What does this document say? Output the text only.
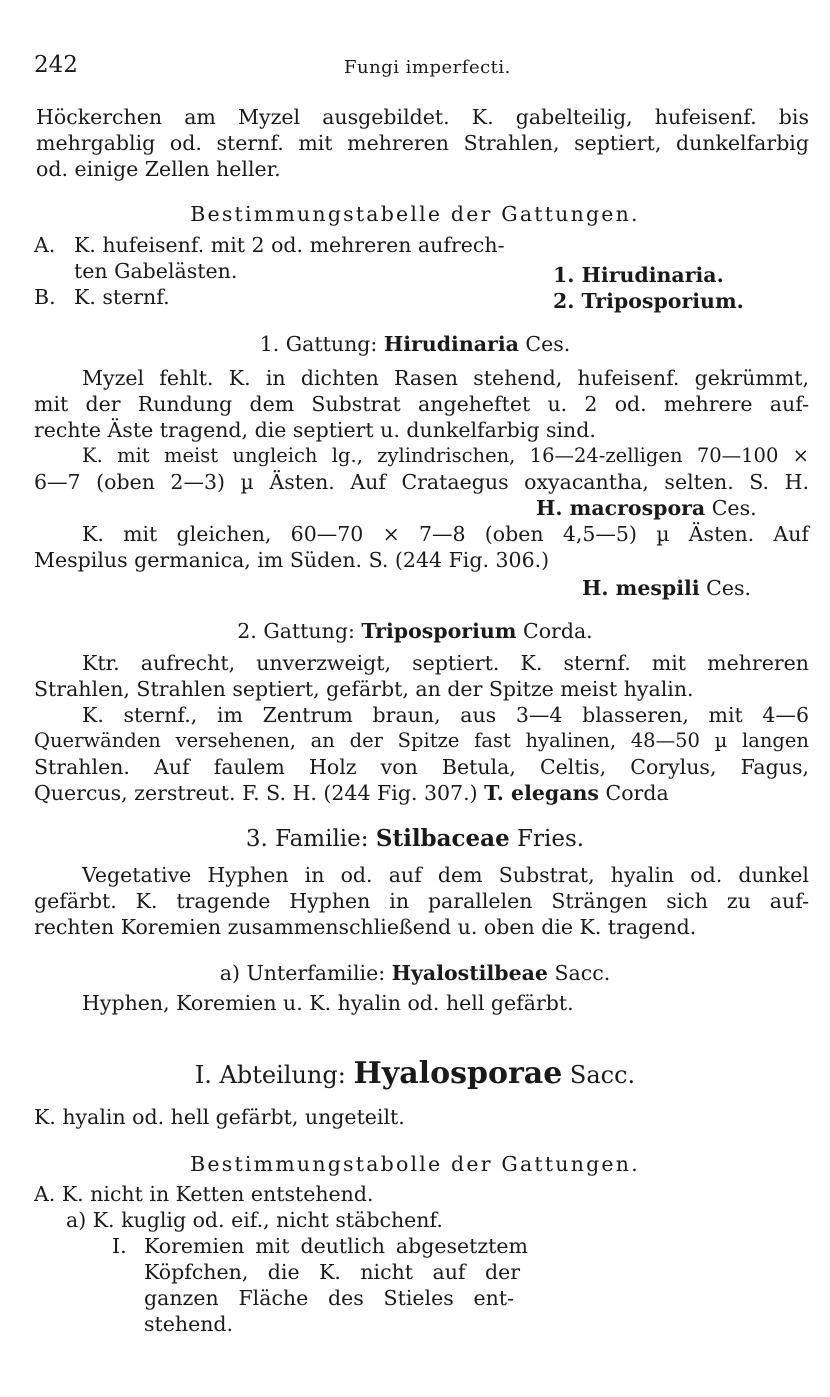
242	Fungi imperfecti.
Höckerchen am Myzel ausgebildet. K. gabelteilig, hufeisenf. bis
mehrgablig od. sternf. mit mehreren Strahlen, septiert, dunkelfarbig
od. einige Zellen heller.
Bestimmungstabelle der Gattungen.
A. K. hufeisenf. mit 2 od. mehreren aufrech-
ten Gabelästen.	1. Hirudinaria.
B. K. sternf.	2. Triposporium.
1. Gattung: Hirudinaria Ces.
Myzel fehlt. K. in dichten Rasen stehend, hufeisenf. gekrümmt,
mit der Rundung dem Substrat angeheftet u. 2 od. mehrere auf-
rechte Äste tragend, die septiert u. dunkelfarbig sind.
K. mit meist ungleich lg., zylindrischen, 16—24-zelligen 70—100 ×
6—7 (oben 2—3) µ Ästen. Auf Crataegus oxyacantha, selten. S. H.
H. macrospora Ces.
K. mit gleichen, 60—70 × 7—8 (oben 4,5—5) µ Ästen. Auf
Mespilus germanica, im Süden. S. (244 Fig. 306.)
H. mespili Ces.
2. Gattung: Triposporium Corda.
Ktr. aufrecht, unverzweigt, septiert. K. sternf. mit mehreren
Strahlen, Strahlen septiert, gefärbt, an der Spitze meist hyalin.
K. sternf., im Zentrum braun, aus 3—4 blasseren, mit 4—6
Querwänden versehenen, an der Spitze fast hyalinen, 48—50 µ langen
Strahlen. Auf faulem Holz von Betula, Celtis, Corylus, Fagus,
Quercus, zerstreut. F. S. H. (244 Fig. 307.) T. elegans Corda
3. Familie: Stilbaceae Fries.
Vegetative Hyphen in od. auf dem Substrat, hyalin od. dunkel
gefärbt. K. tragende Hyphen in parallelen Strängen sich zu auf-
rechten Koremien zusammenschließend u. oben die K. tragend.
a) Unterfamilie: Hyalostilbeae Sacc.
Hyphen, Koremien u. K. hyalin od. hell gefärbt.
I. Abteilung: Hyalosporae Sacc.
K. hyalin od. hell gefärbt, ungeteilt.
Bestimmungstabolle der Gattungen.
A. K. nicht in Ketten entstehend.
a) K. kuglig od. eif., nicht stäbchenf.
I. Koremien mit deutlich abgesetztem
Köpfchen, die K. nicht auf der
ganzen Fläche des Stieles ent-
stehend.
